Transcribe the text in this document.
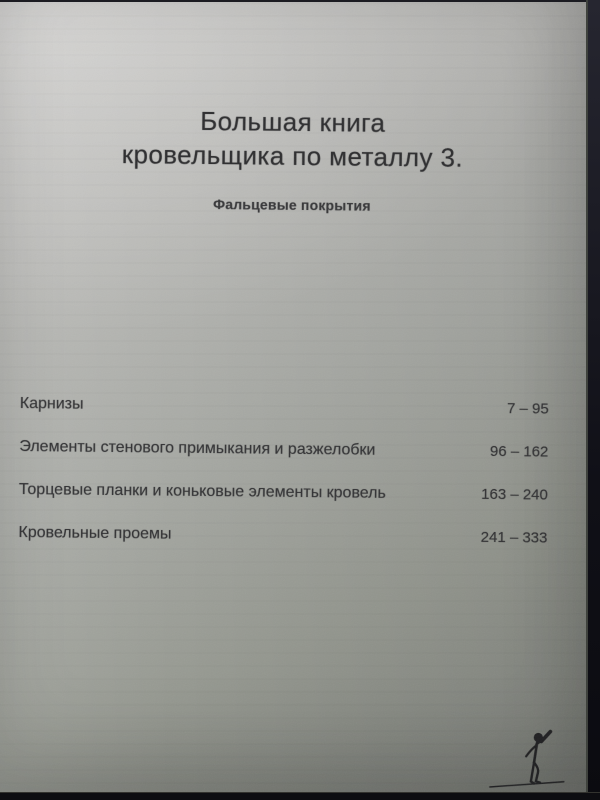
Большая книга
кровельщика по металлу 3.
Фальцевые покрытия
Карнизы	7 – 95
Элементы стенового примыкания и разжелобки	96 – 162
Торцевые планки и коньковые элементы кровель	163 – 240
Кровельные проемы	241 – 333
